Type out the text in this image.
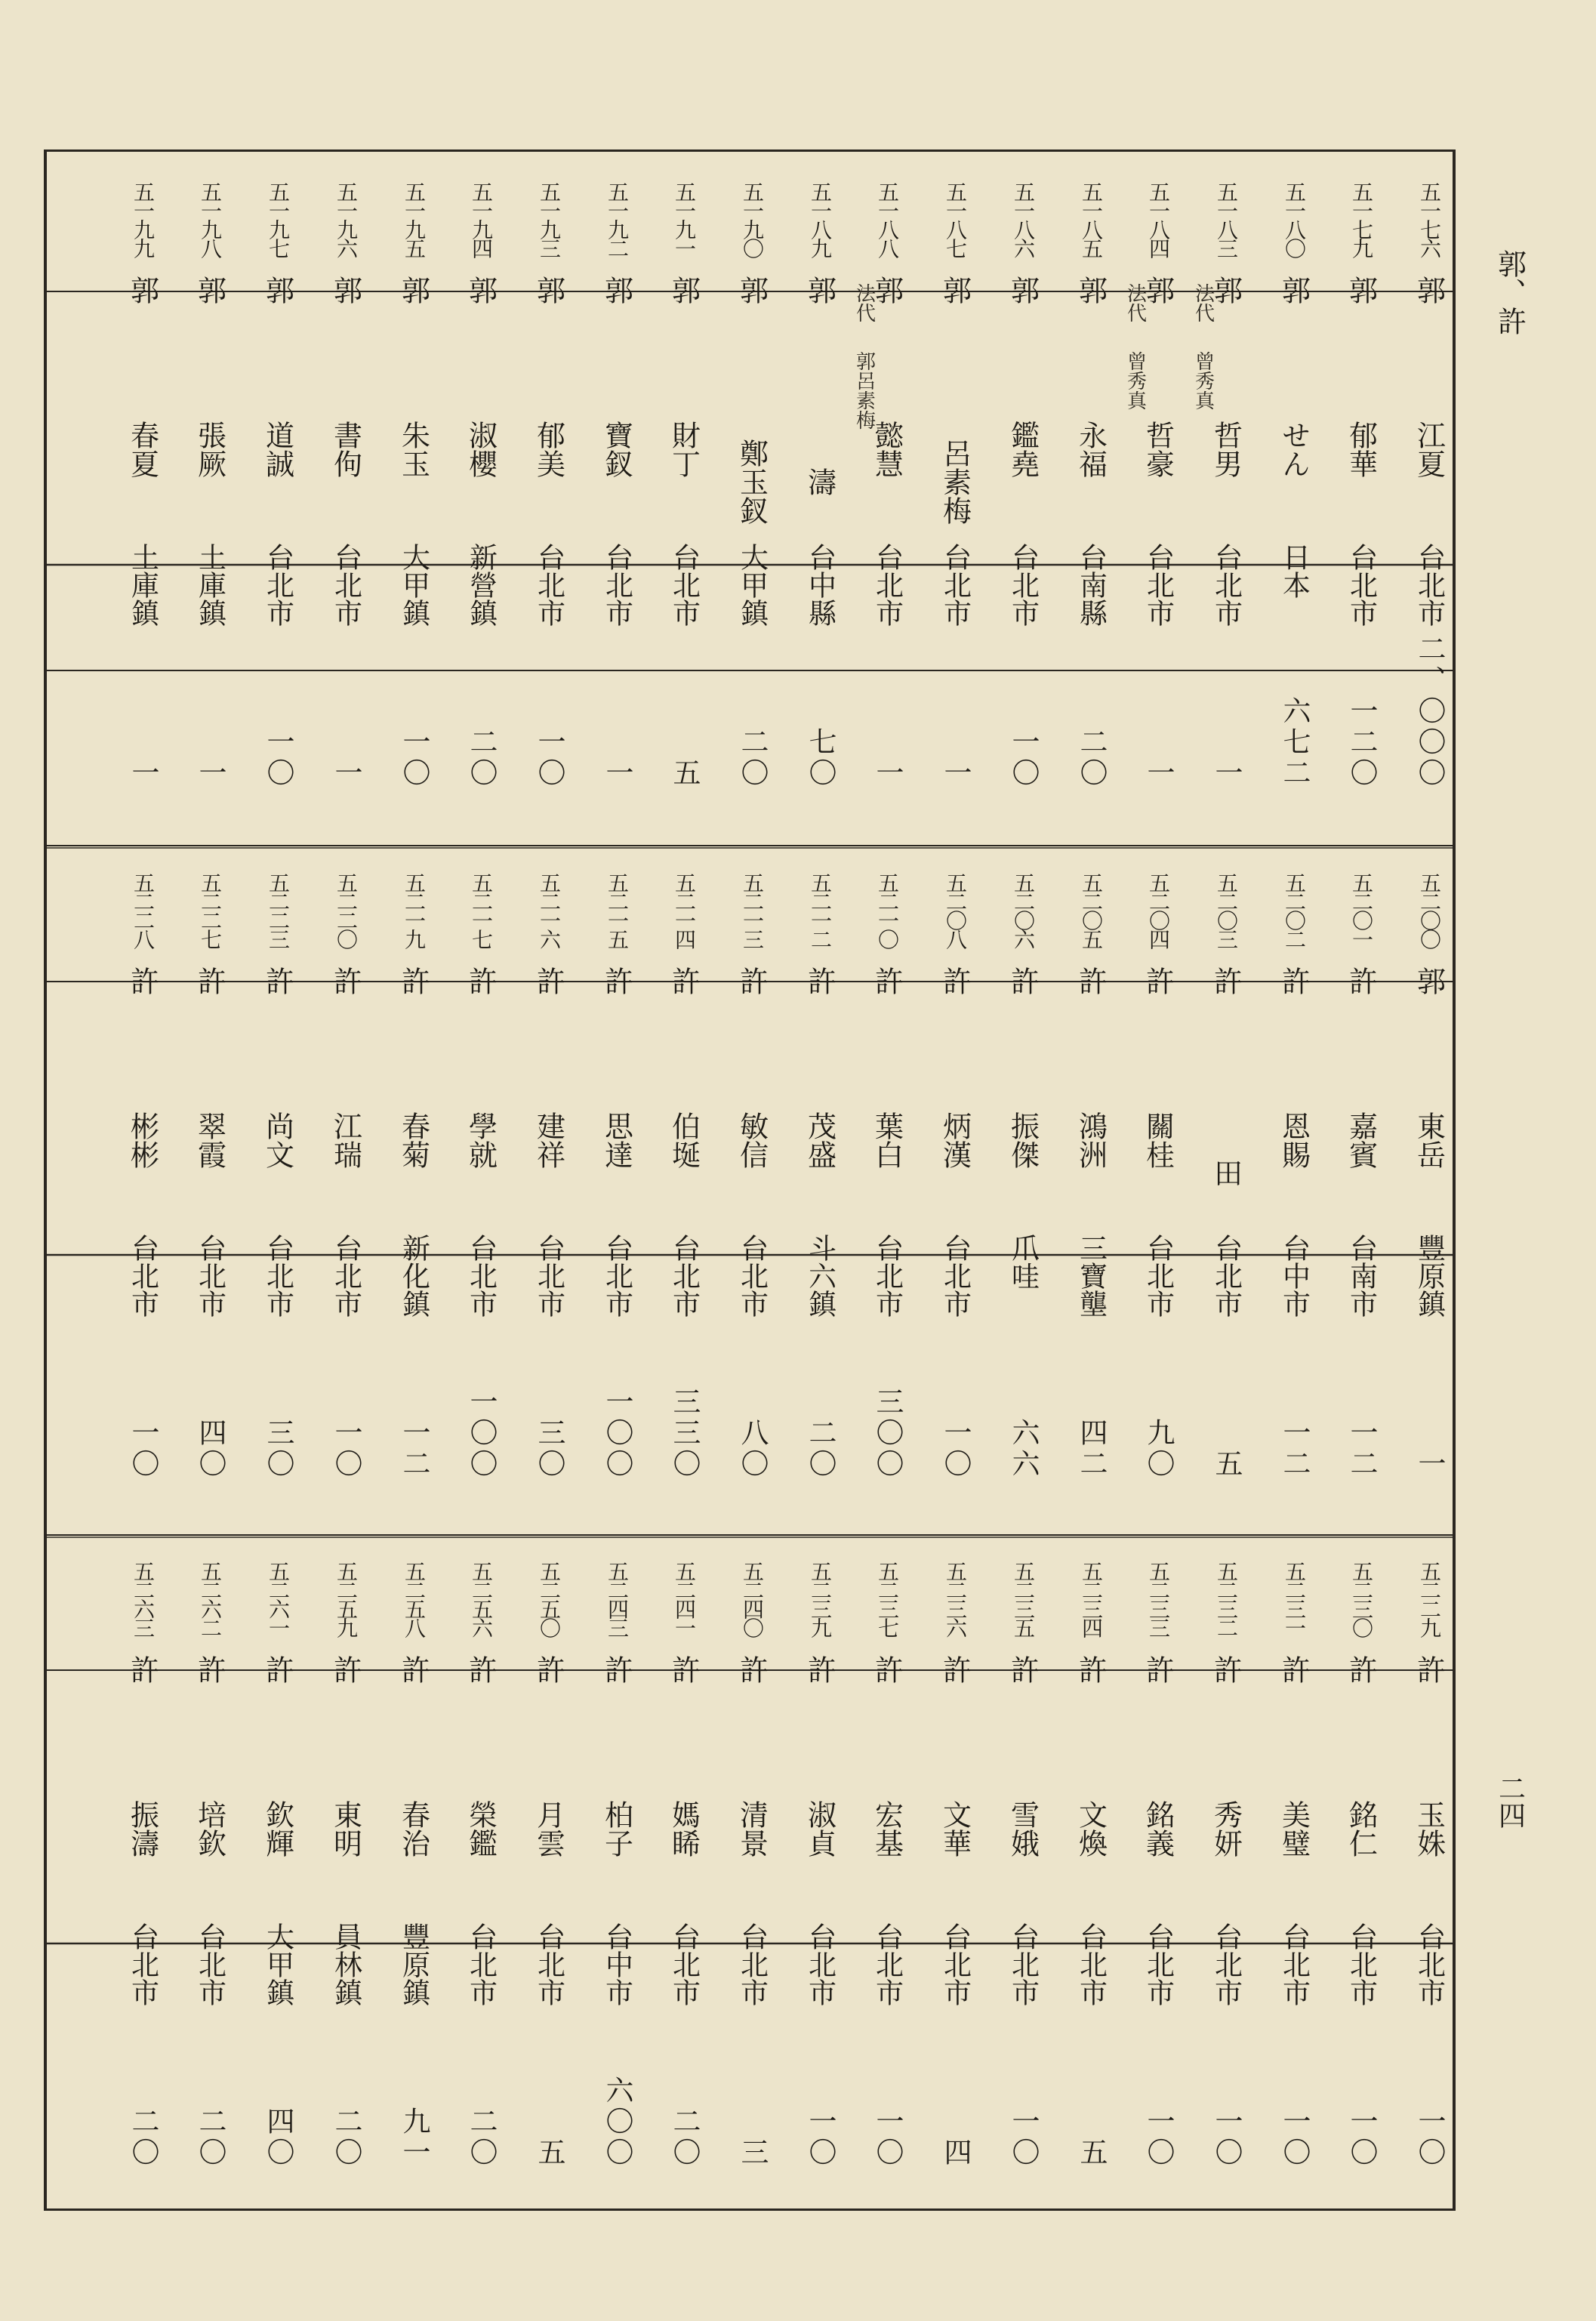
郭、許
二四
五一七六
郭
江夏
台北市
二、〇〇〇
五一七九
郭
郁華
台北市
一二〇
五一八〇
郭
せん
日本
六七二
五一八三
郭
哲男
台北市
一
法代
曾秀真
五一八四
郭
哲豪
台北市
一
法代
曾秀真
五一八五
郭
永福
台南縣
二〇
五一八六
郭
鑑堯
台北市
一〇
五一八七
郭
呂素梅
台北市
一
五一八八
郭
懿慧
台北市
一
法代
郭呂素梅
五一八九
郭
濤
台中縣
七〇
五一九〇
郭
鄭玉釵
大甲鎮
二〇
五一九一
郭
財丁
台北市
五
五一九二
郭
寶釵
台北市
一
五一九三
郭
郁美
台北市
一〇
五一九四
郭
淑櫻
新營鎮
二〇
五一九五
郭
朱玉
大甲鎮
一〇
五一九六
郭
書佝
台北市
一
五一九七
郭
道誠
台北市
一〇
五一九八
郭
張厥
土庫鎮
一
五一九九
郭
春夏
土庫鎮
一
五二〇〇
郭
東岳
豐原鎮
一
五二〇一
許
嘉賓
台南市
一二
五二〇二
許
恩賜
台中市
一二
五二〇三
許
田
台北市
五
五二〇四
許
關桂
台北市
九〇
五二〇五
許
鴻洲
三寶壟
四二
五二〇六
許
振傑
爪哇
六六
五二〇八
許
炳漢
台北市
一〇
五二一〇
許
葉白
台北市
三〇〇
五二一二
許
茂盛
斗六鎮
二〇
五二一三
許
敏信
台北市
八〇
五二一四
許
伯埏
台北市
三三〇
五二一五
許
思達
台北市
一〇〇
五二一六
許
建祥
台北市
三〇
五二一七
許
學就
台北市
一〇〇
五二一九
許
春菊
新化鎮
一二
五二二〇
許
江瑞
台北市
一〇
五二二三
許
尚文
台北市
三〇
五二二七
許
翠霞
台北市
四〇
五二二八
許
彬彬
台北市
一〇
五二二九
許
玉姝
台北市
一〇
五二三〇
許
銘仁
台北市
一〇
五二三一
許
美璧
台北市
一〇
五二三二
許
秀妍
台北市
一〇
五二三三
許
銘義
台北市
一〇
五二三四
許
文煥
台北市
五
五二三五
許
雪娥
台北市
一〇
五二三六
許
文華
台北市
四
五二三七
許
宏基
台北市
一〇
五二三九
許
淑貞
台北市
一〇
五二四〇
許
清景
台北市
三
五二四一
許
媽睎
台北市
二〇
五二四三
許
柏子
台中市
六〇〇
五二五〇
許
月雲
台北市
五
五二五六
許
榮鑑
台北市
二〇
五二五八
許
春治
豐原鎮
九一
五二五九
許
東明
員林鎮
二〇
五二六一
許
欽輝
大甲鎮
四〇
五二六二
許
培欽
台北市
二〇
五二六三
許
振濤
台北市
二〇
